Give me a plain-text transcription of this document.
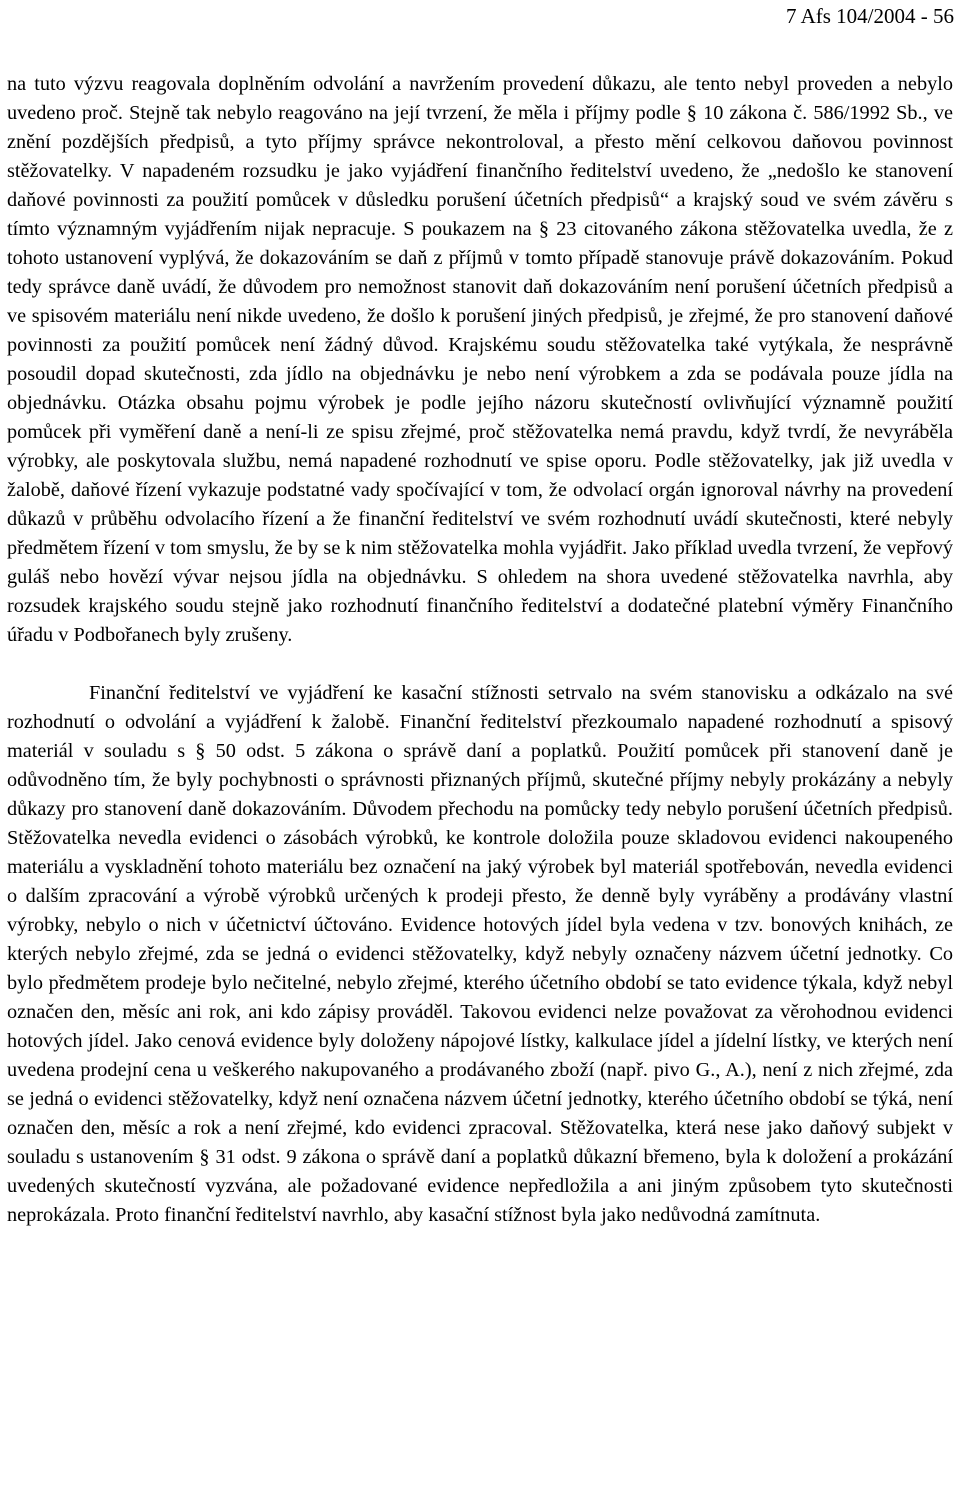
7 Afs 104/2004 - 56

na tuto výzvu reagovala doplněním odvolání a navržením provedení důkazu, ale tento nebyl proveden a nebylo uvedeno proč. Stejně tak nebylo reagováno na její tvrzení, že měla i příjmy podle § 10 zákona č. 586/1992 Sb., ve znění pozdějších předpisů, a tyto příjmy správce nekontroloval, a přesto mění celkovou daňovou povinnost stěžovatelky. V napadeném rozsudku je jako vyjádření finančního ředitelství uvedeno, že „nedošlo ke stanovení daňové povinnosti za použití pomůcek v důsledku porušení účetních předpisů“ a krajský soud ve svém závěru s tímto významným vyjádřením nijak nepracuje. S poukazem na § 23 citovaného zákona stěžovatelka uvedla, že z tohoto ustanovení vyplývá, že dokazováním se daň z příjmů v tomto případě stanovuje právě dokazováním. Pokud tedy správce daně uvádí, že důvodem pro nemožnost stanovit daň dokazováním není porušení účetních předpisů a ve spisovém materiálu není nikde uvedeno, že došlo k porušení jiných předpisů, je zřejmé, že pro stanovení daňové povinnosti za použití pomůcek není žádný důvod. Krajskému soudu stěžovatelka také vytýkala, že nesprávně posoudil dopad skutečnosti, zda jídlo na objednávku je nebo není výrobkem a zda se podávala pouze jídla na objednávku. Otázka obsahu pojmu výrobek je podle jejího názoru skutečností ovlivňující významně použití pomůcek při vyměření daně a není-li ze spisu zřejmé, proč stěžovatelka nemá pravdu, když tvrdí, že nevyráběla výrobky, ale poskytovala službu, nemá napadené rozhodnutí ve spise oporu. Podle stěžovatelky, jak již uvedla v žalobě, daňové řízení vykazuje podstatné vady spočívající v tom, že odvolací orgán ignoroval návrhy na provedení důkazů v průběhu odvolacího řízení a že finanční ředitelství ve svém rozhodnutí uvádí skutečnosti, které nebyly předmětem řízení v tom smyslu, že by se k nim stěžovatelka mohla vyjádřit. Jako příklad uvedla tvrzení, že vepřový guláš nebo hovězí vývar nejsou jídla na objednávku. S ohledem na shora uvedené stěžovatelka navrhla, aby rozsudek krajského soudu stejně jako rozhodnutí finančního ředitelství a dodatečné platební výměry Finančního úřadu v Podbořanech byly zrušeny.

Finanční ředitelství ve vyjádření ke kasační stížnosti setrvalo na svém stanovisku a odkázalo na své rozhodnutí o odvolání a vyjádření k žalobě. Finanční ředitelství přezkoumalo napadené rozhodnutí a spisový materiál v souladu s § 50 odst. 5 zákona o správě daní a poplatků. Použití pomůcek při stanovení daně je odůvodněno tím, že byly pochybnosti o správnosti přiznaných příjmů, skutečné příjmy nebyly prokázány a nebyly důkazy pro stanovení daně dokazováním. Důvodem přechodu na pomůcky tedy nebylo porušení účetních předpisů. Stěžovatelka nevedla evidenci o zásobách výrobků, ke kontrole doložila pouze skladovou evidenci nakoupeného materiálu a vyskladnění tohoto materiálu bez označení na jaký výrobek byl materiál spotřebován, nevedla evidenci o dalším zpracování a výrobě výrobků určených k prodeji přesto, že denně byly vyráběny a prodávány vlastní výrobky, nebylo o nich v účetnictví účtováno. Evidence hotových jídel byla vedena v tzv. bonových knihách, ze kterých nebylo zřejmé, zda se jedná o evidenci stěžovatelky, když nebyly označeny názvem účetní jednotky. Co bylo předmětem prodeje bylo nečitelné, nebylo zřejmé, kterého účetního období se tato evidence týkala, když nebyl označen den, měsíc ani rok, ani kdo zápisy prováděl. Takovou evidenci nelze považovat za věrohodnou evidenci hotových jídel. Jako cenová evidence byly doloženy nápojové lístky, kalkulace jídel a jídelní lístky, ve kterých není uvedena prodejní cena u veškerého nakupovaného a prodávaného zboží (např. pivo G., A.), není z nich zřejmé, zda se jedná o evidenci stěžovatelky, když není označena názvem účetní jednotky, kterého účetního období se týká, není označen den, měsíc a rok a není zřejmé, kdo evidenci zpracoval. Stěžovatelka, která nese jako daňový subjekt v souladu s ustanovením § 31 odst. 9 zákona o správě daní a poplatků důkazní břemeno, byla k doložení a prokázání uvedených skutečností vyzvána, ale požadované evidence nepředložila a ani jiným způsobem tyto skutečnosti neprokázala. Proto finanční ředitelství navrhlo, aby kasační stížnost byla jako nedůvodná zamítnuta.
